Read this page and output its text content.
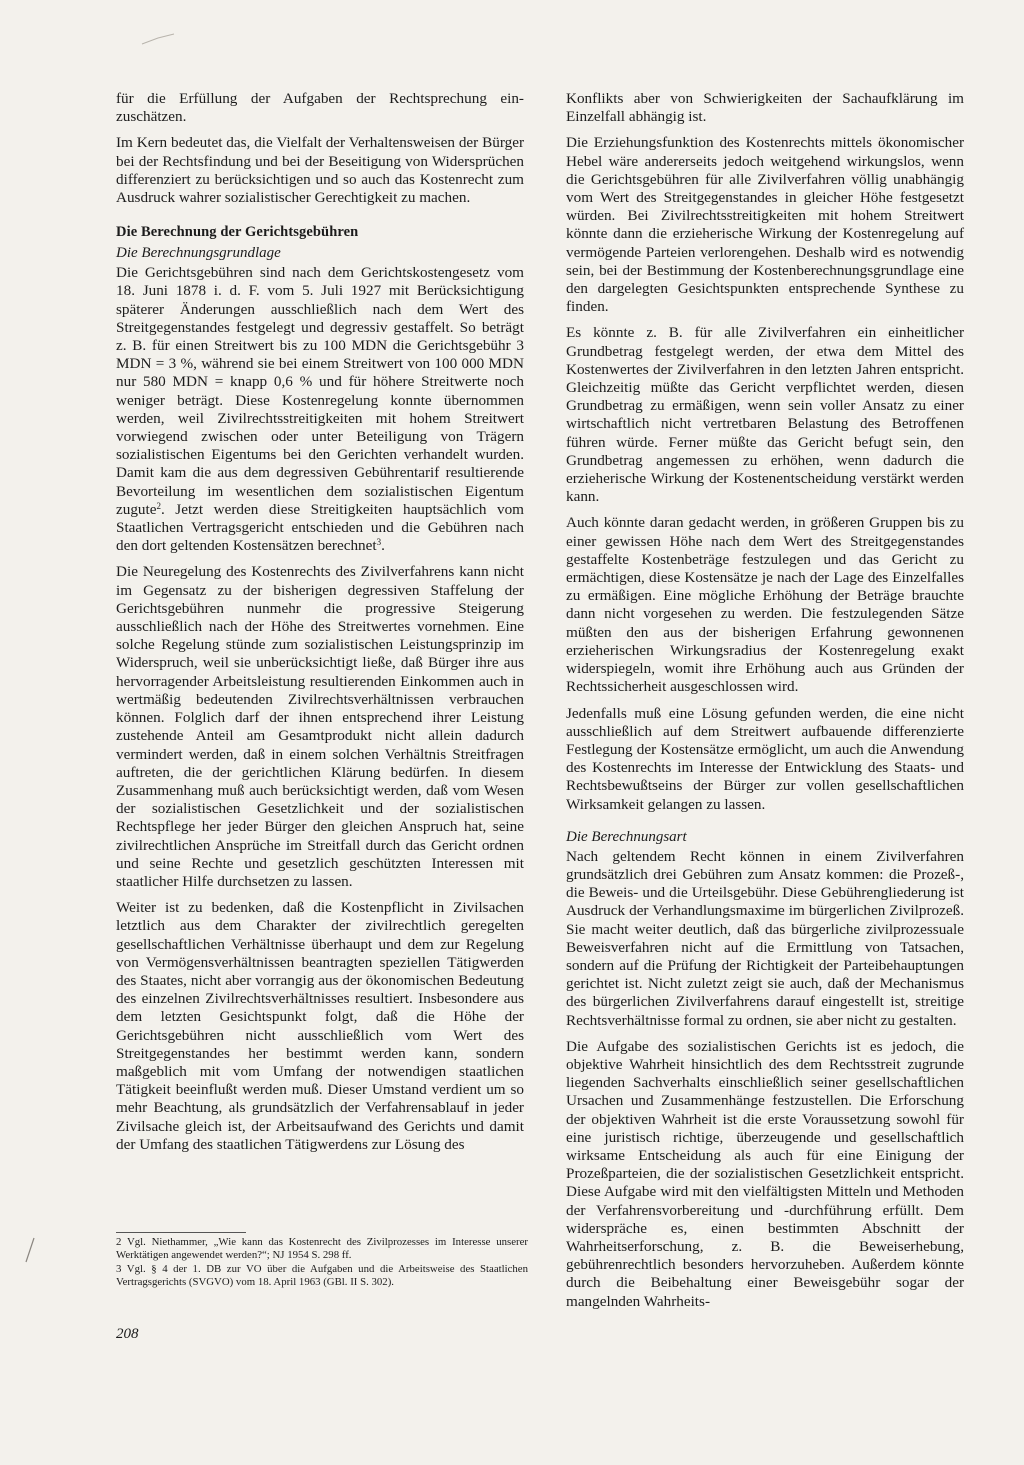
für die Erfüllung der Aufgaben der Rechtsprechung ein-zuschätzen.

Im Kern bedeutet das, die Vielfalt der Verhaltensweisen der Bürger bei der Rechtsfindung und bei der Beseitigung von Widersprüchen differenziert zu berücksichtigen und so auch das Kostenrecht zum Ausdruck wahrer sozialistischer Gerechtigkeit zu machen.

Die Berechnung der Gerichtsgebühren
Die Berechnungsgrundlage

Die Gerichtsgebühren sind nach dem Gerichtskostengesetz vom 18. Juni 1878 i. d. F. vom 5. Juli 1927 mit Berücksichtigung späterer Änderungen ausschließlich nach dem Wert des Streitgegenstandes festgelegt und degressiv gestaffelt. So beträgt z. B. für einen Streitwert bis zu 100 MDN die Gerichtsgebühr 3 MDN = 3 %, während sie bei einem Streitwert von 100 000 MDN nur 580 MDN = knapp 0,6 % und für höhere Streitwerte noch weniger beträgt. Diese Kostenregelung konnte übernommen werden, weil Zivilrechtsstreitigkeiten mit hohem Streitwert vorwiegend zwischen oder unter Beteiligung von Trägern sozialistischen Eigentums bei den Gerichten verhandelt wurden. Damit kam die aus dem degressiven Gebührentarif resultierende Bevorteilung im wesentlichen dem sozialistischen Eigentum zugute$^2$. Jetzt werden diese Streitigkeiten hauptsächlich vom Staatlichen Vertragsgericht entschieden und die Gebühren nach den dort geltenden Kostensätzen berechnet$^3$.

Die Neuregelung des Kostenrechts des Zivilverfahrens kann nicht im Gegensatz zu der bisherigen degressiven Staffelung der Gerichtsgebühren nunmehr die progressive Steigerung ausschließlich nach der Höhe des Streitwertes vornehmen. Eine solche Regelung stünde zum sozialistischen Leistungsprinzip im Widerspruch, weil sie unberücksichtigt ließe, daß Bürger ihre aus hervorragender Arbeitsleistung resultierenden Einkommen auch in wertmäßig bedeutenden Zivilrechtsverhältnissen verbrauchen können. Folglich darf der ihnen entsprechend ihrer Leistung zustehende Anteil am Gesamtprodukt nicht allein dadurch vermindert werden, daß in einem solchen Verhältnis Streitfragen auftreten, die der gerichtlichen Klärung bedürfen. In diesem Zusammenhang muß auch berücksichtigt werden, daß vom Wesen der sozialistischen Gesetzlichkeit und der sozialistischen Rechtspflege her jeder Bürger den gleichen Anspruch hat, seine zivilrechtlichen Ansprüche im Streitfall durch das Gericht ordnen und seine Rechte und gesetzlich geschützten Interessen mit staatlicher Hilfe durchsetzen zu lassen.

Weiter ist zu bedenken, daß die Kostenpflicht in Zivilsachen letztlich aus dem Charakter der zivilrechtlich geregelten gesellschaftlichen Verhältnisse überhaupt und dem zur Regelung von Vermögensverhältnissen beantragten speziellen Tätigwerden des Staates, nicht aber vorrangig aus der ökonomischen Bedeutung des einzelnen Zivilrechtsverhältnisses resultiert. Insbesondere aus dem letzten Gesichtspunkt folgt, daß die Höhe der Gerichtsgebühren nicht ausschließlich vom Wert des Streitgegenstandes her bestimmt werden kann, sondern maßgeblich mit vom Umfang der notwendigen staatlichen Tätigkeit beeinflußt werden muß. Dieser Umstand verdient um so mehr Beachtung, als grundsätzlich der Verfahrensablauf in jeder Zivilsache gleich ist, der Arbeitsaufwand des Gerichts und damit der Umfang des staatlichen Tätigwerdens zur Lösung des

Konflikts aber von Schwierigkeiten der Sachaufklärung im Einzelfall abhängig ist.

Die Erziehungsfunktion des Kostenrechts mittels ökonomischer Hebel wäre andererseits jedoch weitgehend wirkungslos, wenn die Gerichtsgebühren für alle Zivilverfahren völlig unabhängig vom Wert des Streitgegenstandes in gleicher Höhe festgesetzt würden. Bei Zivilrechtsstreitigkeiten mit hohem Streitwert könnte dann die erzieherische Wirkung der Kostenregelung auf vermögende Parteien verlorengehen. Deshalb wird es notwendig sein, bei der Bestimmung der Kostenberechnungsgrundlage eine den dargelegten Gesichtspunkten entsprechende Synthese zu finden.

Es könnte z. B. für alle Zivilverfahren ein einheitlicher Grundbetrag festgelegt werden, der etwa dem Mittel des Kostenwertes der Zivilverfahren in den letzten Jahren entspricht. Gleichzeitig müßte das Gericht verpflichtet werden, diesen Grundbetrag zu ermäßigen, wenn sein voller Ansatz zu einer wirtschaftlich nicht vertretbaren Belastung des Betroffenen führen würde. Ferner müßte das Gericht befugt sein, den Grundbetrag angemessen zu erhöhen, wenn dadurch die erzieherische Wirkung der Kostenentscheidung verstärkt werden kann.

Auch könnte daran gedacht werden, in größeren Gruppen bis zu einer gewissen Höhe nach dem Wert des Streitgegenstandes gestaffelte Kostenbeträge festzulegen und das Gericht zu ermächtigen, diese Kostensätze je nach der Lage des Einzelfalles zu ermäßigen. Eine mögliche Erhöhung der Beträge brauchte dann nicht vorgesehen zu werden. Die festzulegenden Sätze müßten den aus der bisherigen Erfahrung gewonnenen erzieherischen Wirkungsradius der Kostenregelung exakt widerspiegeln, womit ihre Erhöhung auch aus Gründen der Rechtssicherheit ausgeschlossen wird.

Jedenfalls muß eine Lösung gefunden werden, die eine nicht ausschließlich auf dem Streitwert aufbauende differenzierte Festlegung der Kostensätze ermöglicht, um auch die Anwendung des Kostenrechts im Interesse der Entwicklung des Staats- und Rechtsbewußtseins der Bürger zur vollen gesellschaftlichen Wirksamkeit gelangen zu lassen.

Die Berechnungsart

Nach geltendem Recht können in einem Zivilverfahren grundsätzlich drei Gebühren zum Ansatz kommen: die Prozeß-, die Beweis- und die Urteilsgebühr. Diese Gebührengliederung ist Ausdruck der Verhandlungsmaxime im bürgerlichen Zivilprozeß. Sie macht weiter deutlich, daß das bürgerliche zivilprozessuale Beweisverfahren nicht auf die Ermittlung von Tatsachen, sondern auf die Prüfung der Richtigkeit der Parteibehauptungen gerichtet ist. Nicht zuletzt zeigt sie auch, daß der Mechanismus des bürgerlichen Zivilverfahrens darauf eingestellt ist, streitige Rechtsverhältnisse formal zu ordnen, sie aber nicht zu gestalten.

Die Aufgabe des sozialistischen Gerichts ist es jedoch, die objektive Wahrheit hinsichtlich des dem Rechtsstreit zugrunde liegenden Sachverhalts einschließlich seiner gesellschaftlichen Ursachen und Zusammenhänge festzustellen. Die Erforschung der objektiven Wahrheit ist die erste Voraussetzung sowohl für eine juristisch richtige, überzeugende und gesellschaftlich wirksame Entscheidung als auch für eine Einigung der Prozeßparteien, die der sozialistischen Gesetzlichkeit entspricht. Diese Aufgabe wird mit den vielfältigsten Mitteln und Methoden der Verfahrensvorbereitung und -durchführung erfüllt. Dem widerspräche es, einen bestimmten Abschnitt der Wahrheitserforschung, z. B. die Beweiserhebung, gebührenrechtlich besonders hervorzuheben. Außerdem könnte durch die Beibehaltung einer Beweisgebühr sogar der mangelnden Wahrheits-

2 Vgl. Niethammer, „Wie kann das Kostenrecht des Zivilprozesses im Interesse unserer Werktätigen angewendet werden?“; NJ 1954 S. 298 ff.

3 Vgl. § 4 der 1. DB zur VO über die Aufgaben und die Arbeitsweise des Staatlichen Vertragsgerichts (SVGVO) vom 18. April 1963 (GBl. II S. 302).

208
